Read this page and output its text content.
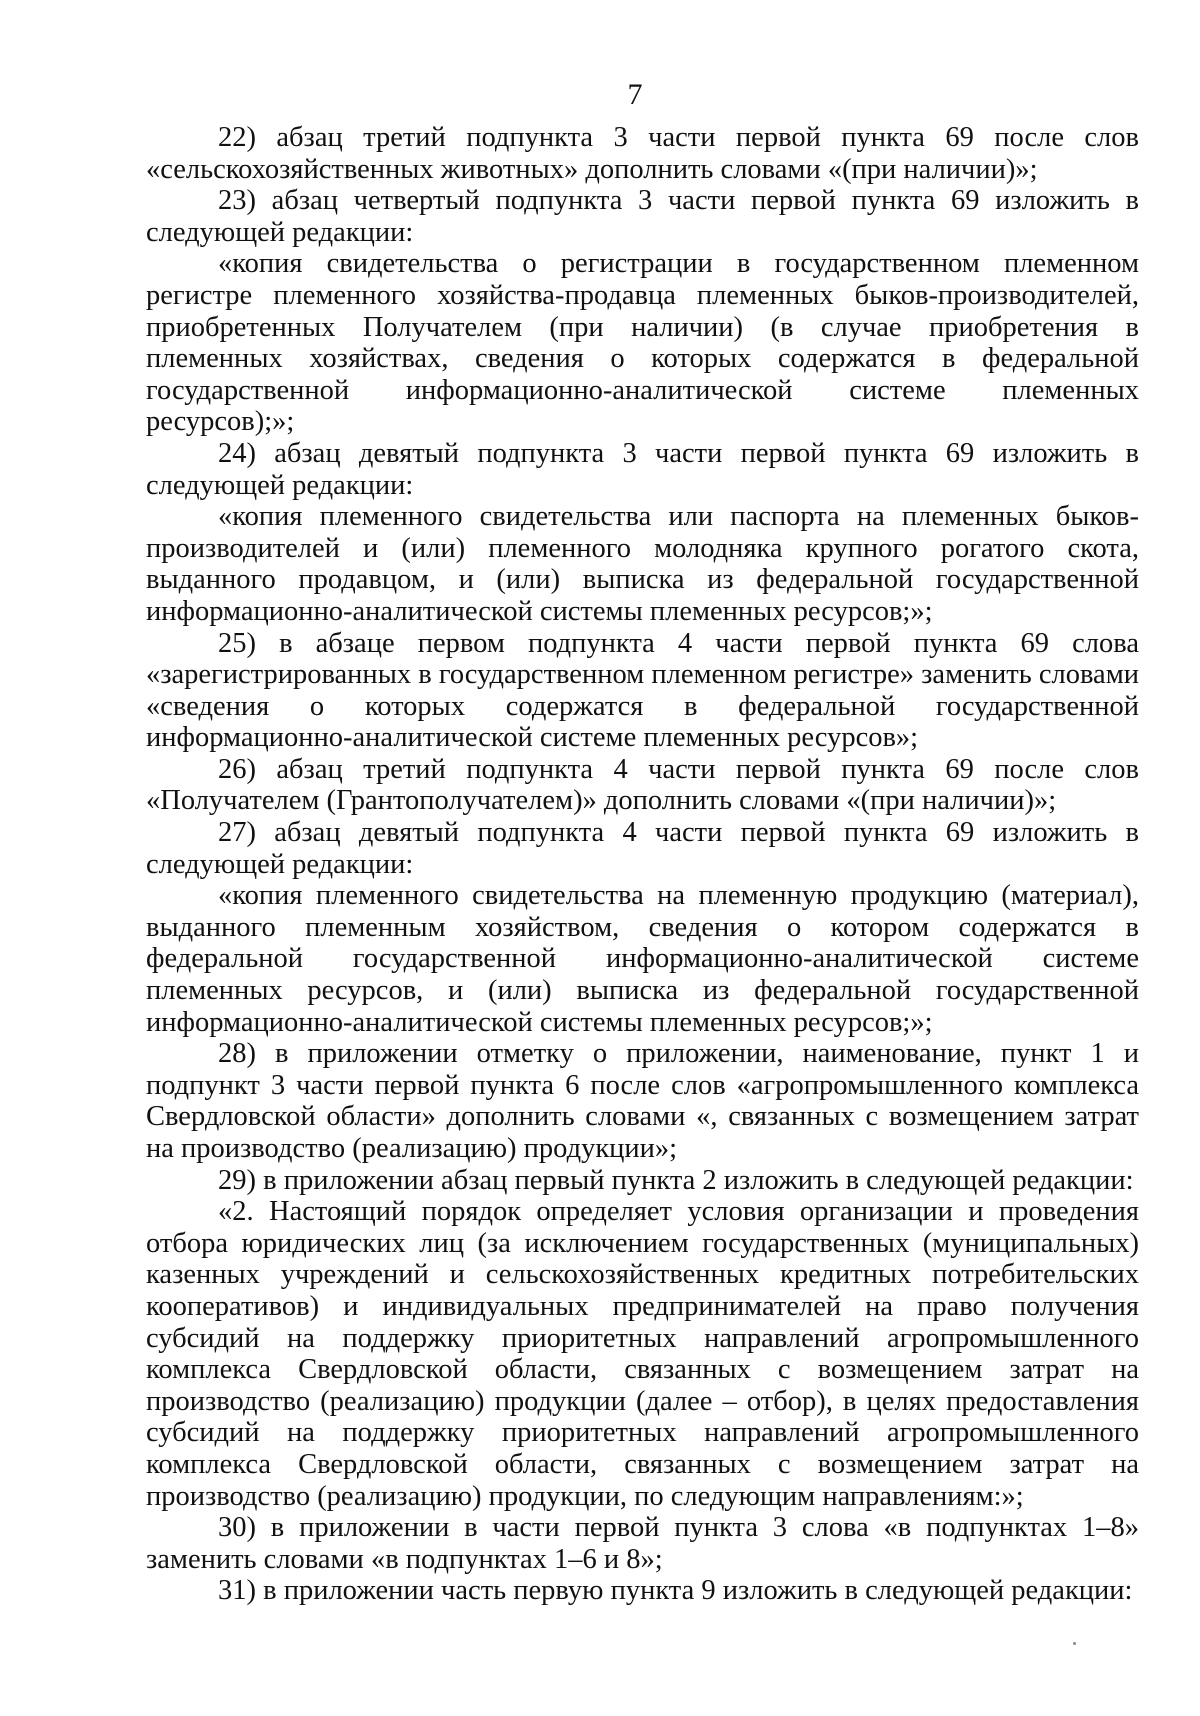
7

22) абзац третий подпункта 3 части первой пункта 69 после слов «сельскохозяйственных животных» дополнить словами «(при наличии)»;

23) абзац четвертый подпункта 3 части первой пункта 69 изложить в следующей редакции:

«копия свидетельства о регистрации в государственном племенном регистре племенного хозяйства-продавца племенных быков-производителей, приобретенных Получателем (при наличии) (в случае приобретения в племенных хозяйствах, сведения о которых содержатся в федеральной государственной информационно-аналитической системе племенных ресурсов);»;

24) абзац девятый подпункта 3 части первой пункта 69 изложить в следующей редакции:

«копия племенного свидетельства или паспорта на племенных быков-производителей и (или) племенного молодняка крупного рогатого скота, выданного продавцом, и (или) выписка из федеральной государственной информационно-аналитической системы племенных ресурсов;»;

25) в абзаце первом подпункта 4 части первой пункта 69 слова «зарегистрированных в государственном племенном регистре» заменить словами «сведения о которых содержатся в федеральной государственной информационно-аналитической системе племенных ресурсов»;

26) абзац третий подпункта 4 части первой пункта 69 после слов «Получателем (Грантополучателем)» дополнить словами «(при наличии)»;

27) абзац девятый подпункта 4 части первой пункта 69 изложить в следующей редакции:

«копия племенного свидетельства на племенную продукцию (материал), выданного племенным хозяйством, сведения о котором содержатся в федеральной государственной информационно-аналитической системе племенных ресурсов, и (или) выписка из федеральной государственной информационно-аналитической системы племенных ресурсов;»;

28) в приложении отметку о приложении, наименование, пункт 1 и подпункт 3 части первой пункта 6 после слов «агропромышленного комплекса Свердловской области» дополнить словами «, связанных с возмещением затрат на производство (реализацию) продукции»;

29) в приложении абзац первый пункта 2 изложить в следующей редакции:

«2. Настоящий порядок определяет условия организации и проведения отбора юридических лиц (за исключением государственных (муниципальных) казенных учреждений и сельскохозяйственных кредитных потребительских кооперативов) и индивидуальных предпринимателей на право получения субсидий на поддержку приоритетных направлений агропромышленного комплекса Свердловской области, связанных с возмещением затрат на производство (реализацию) продукции (далее – отбор), в целях предоставления субсидий на поддержку приоритетных направлений агропромышленного комплекса Свердловской области, связанных с возмещением затрат на производство (реализацию) продукции, по следующим направлениям:»;

30) в приложении в части первой пункта 3 слова «в подпунктах 1–8» заменить словами «в подпунктах 1–6 и 8»;

31) в приложении часть первую пункта 9 изложить в следующей редакции:
